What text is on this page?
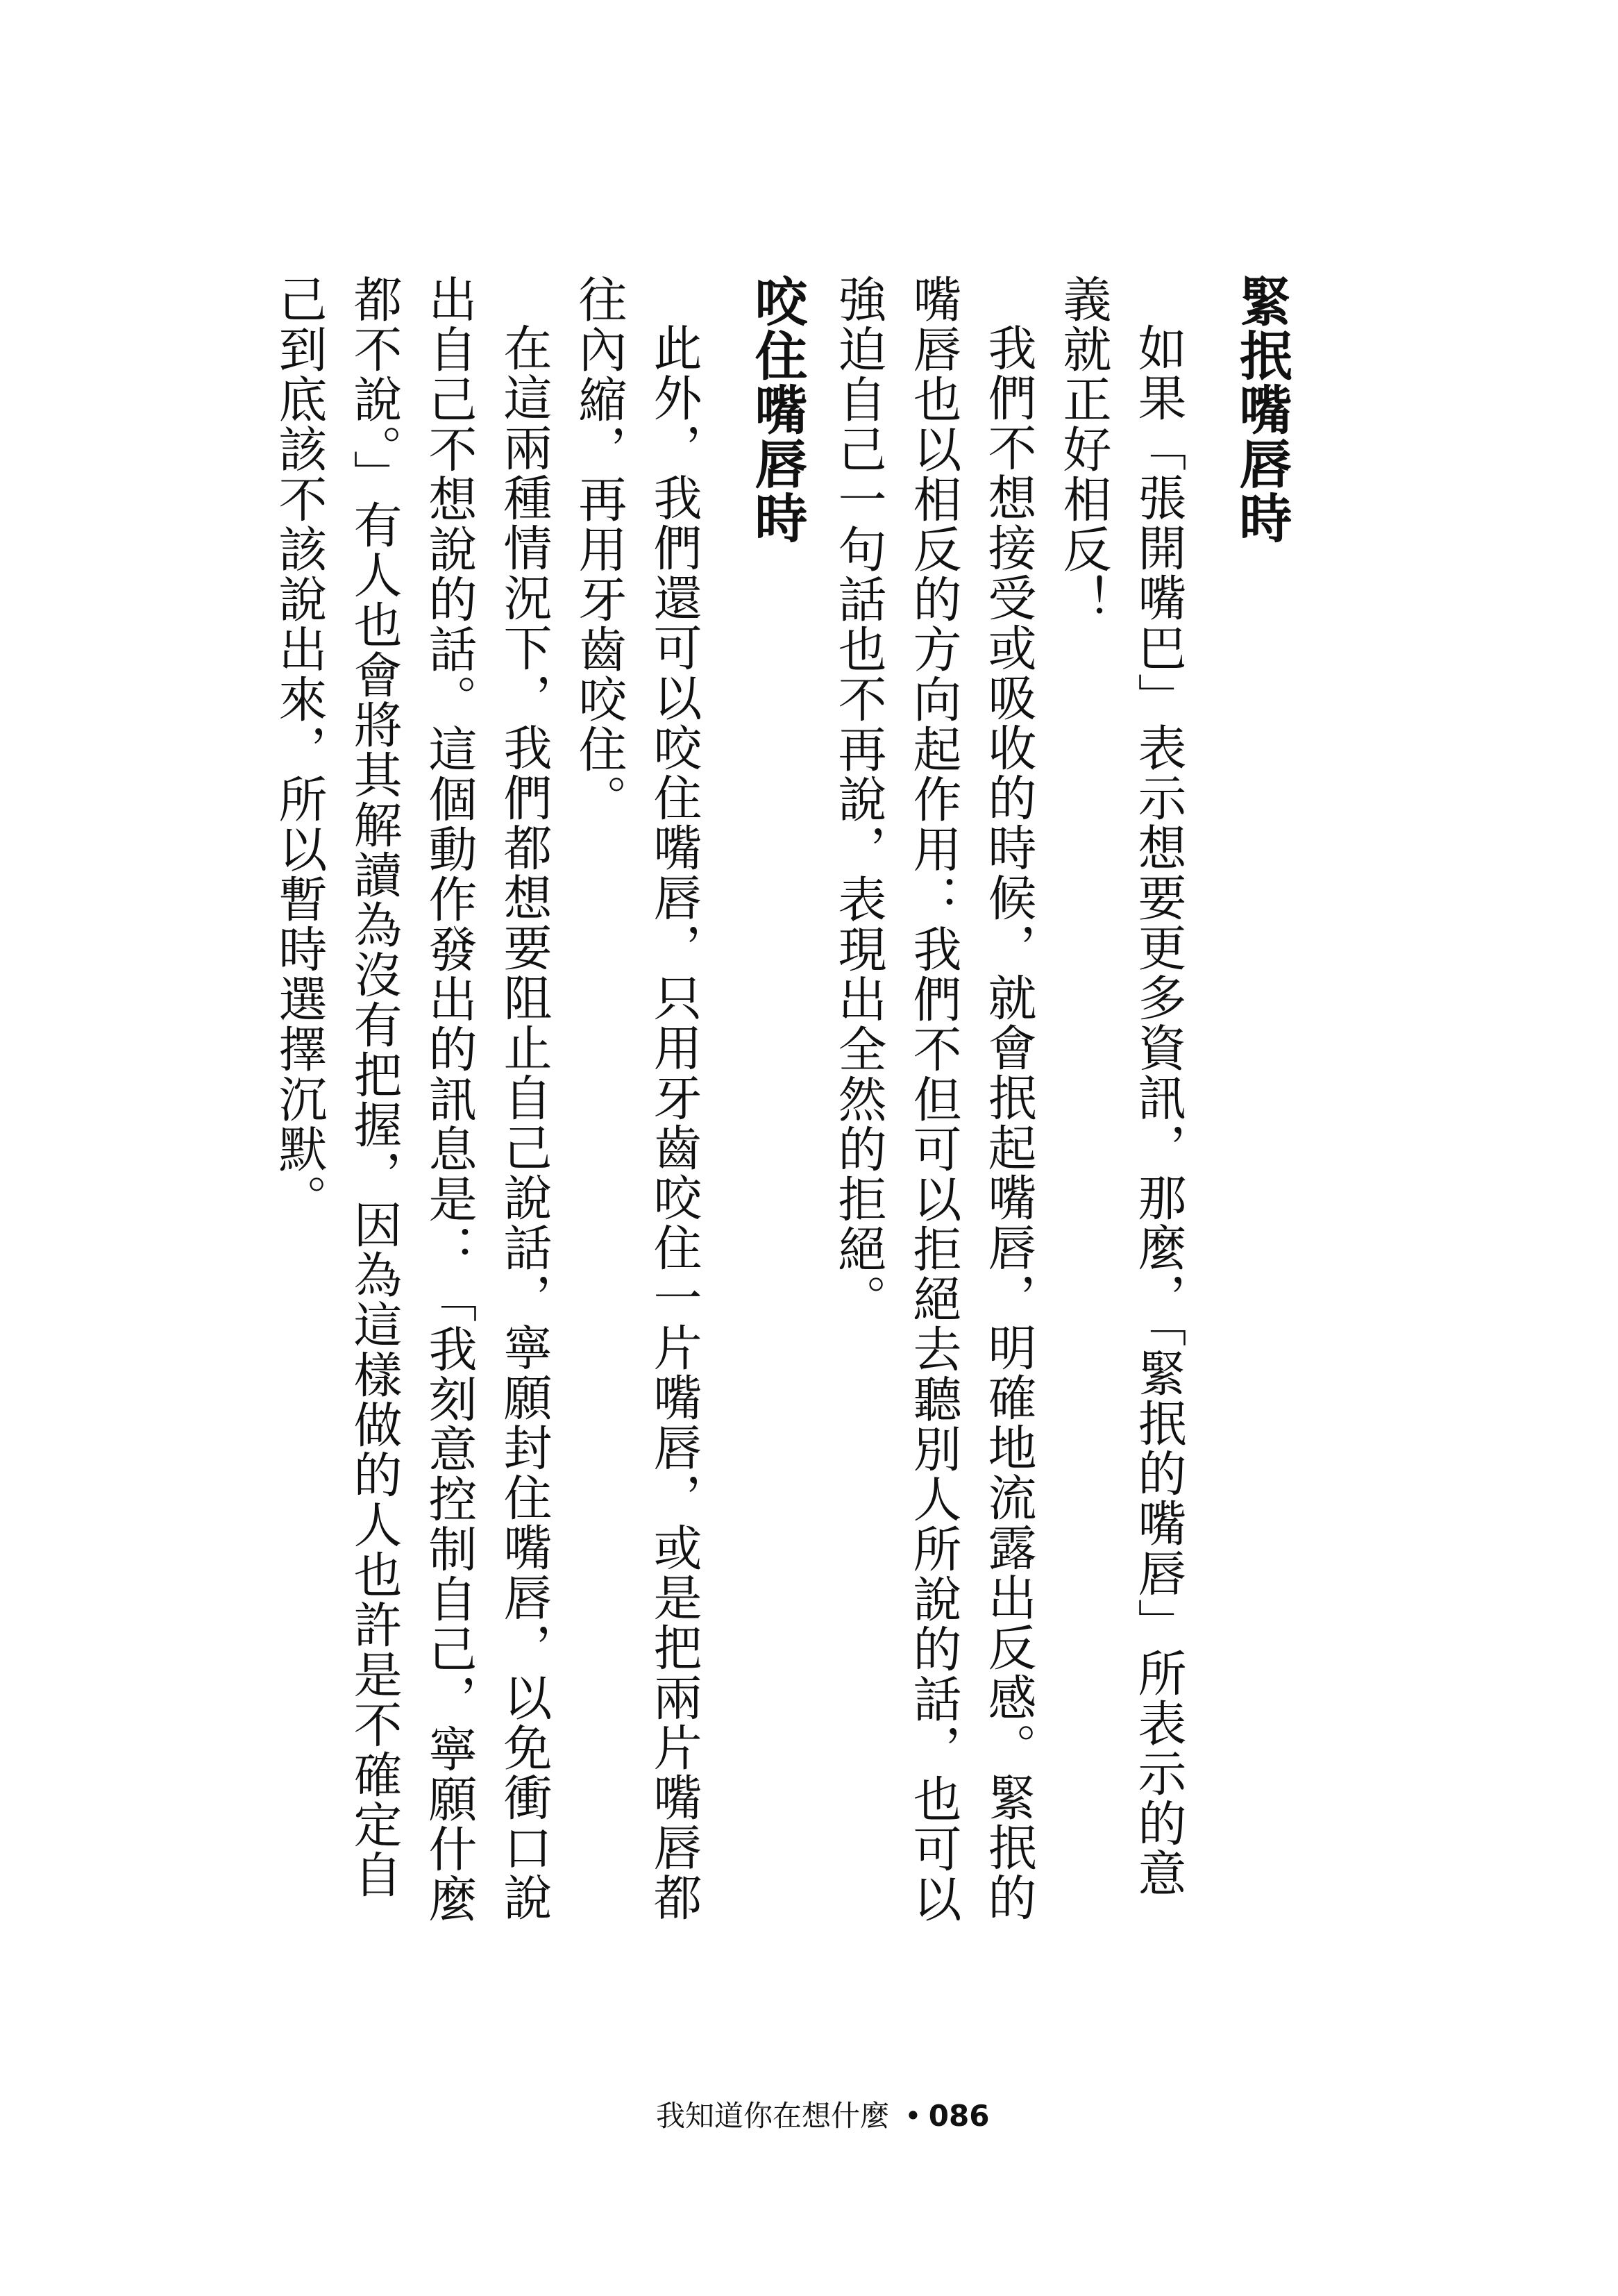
緊抿嘴唇時

如果「張開嘴巴」表示想要更多資訊，那麼，「緊抿的嘴唇」所表示的意義就正好相反！

我們不想接受或吸收的時候，就會抿起嘴唇，明確地流露出反感。緊抿的嘴唇也以相反的方向起作用：我們不但可以拒絕去聽別人所說的話，也可以強迫自己一句話也不再說，表現出全然的拒絕。

咬住嘴唇時

此外，我們還可以咬住嘴唇，只用牙齒咬住一片嘴唇，或是把兩片嘴唇都往內縮，再用牙齒咬住。

在這兩種情況下，我們都想要阻止自己說話，寧願封住嘴唇，以免衝口說出自己不想說的話。這個動作發出的訊息是：「我刻意控制自己，寧願什麼都不說。」有人也會將其解讀為沒有把握，因為這樣做的人也許是不確定自己到底該不該說出來，所以暫時選擇沉默。

我知道你在想什麼 • 086
